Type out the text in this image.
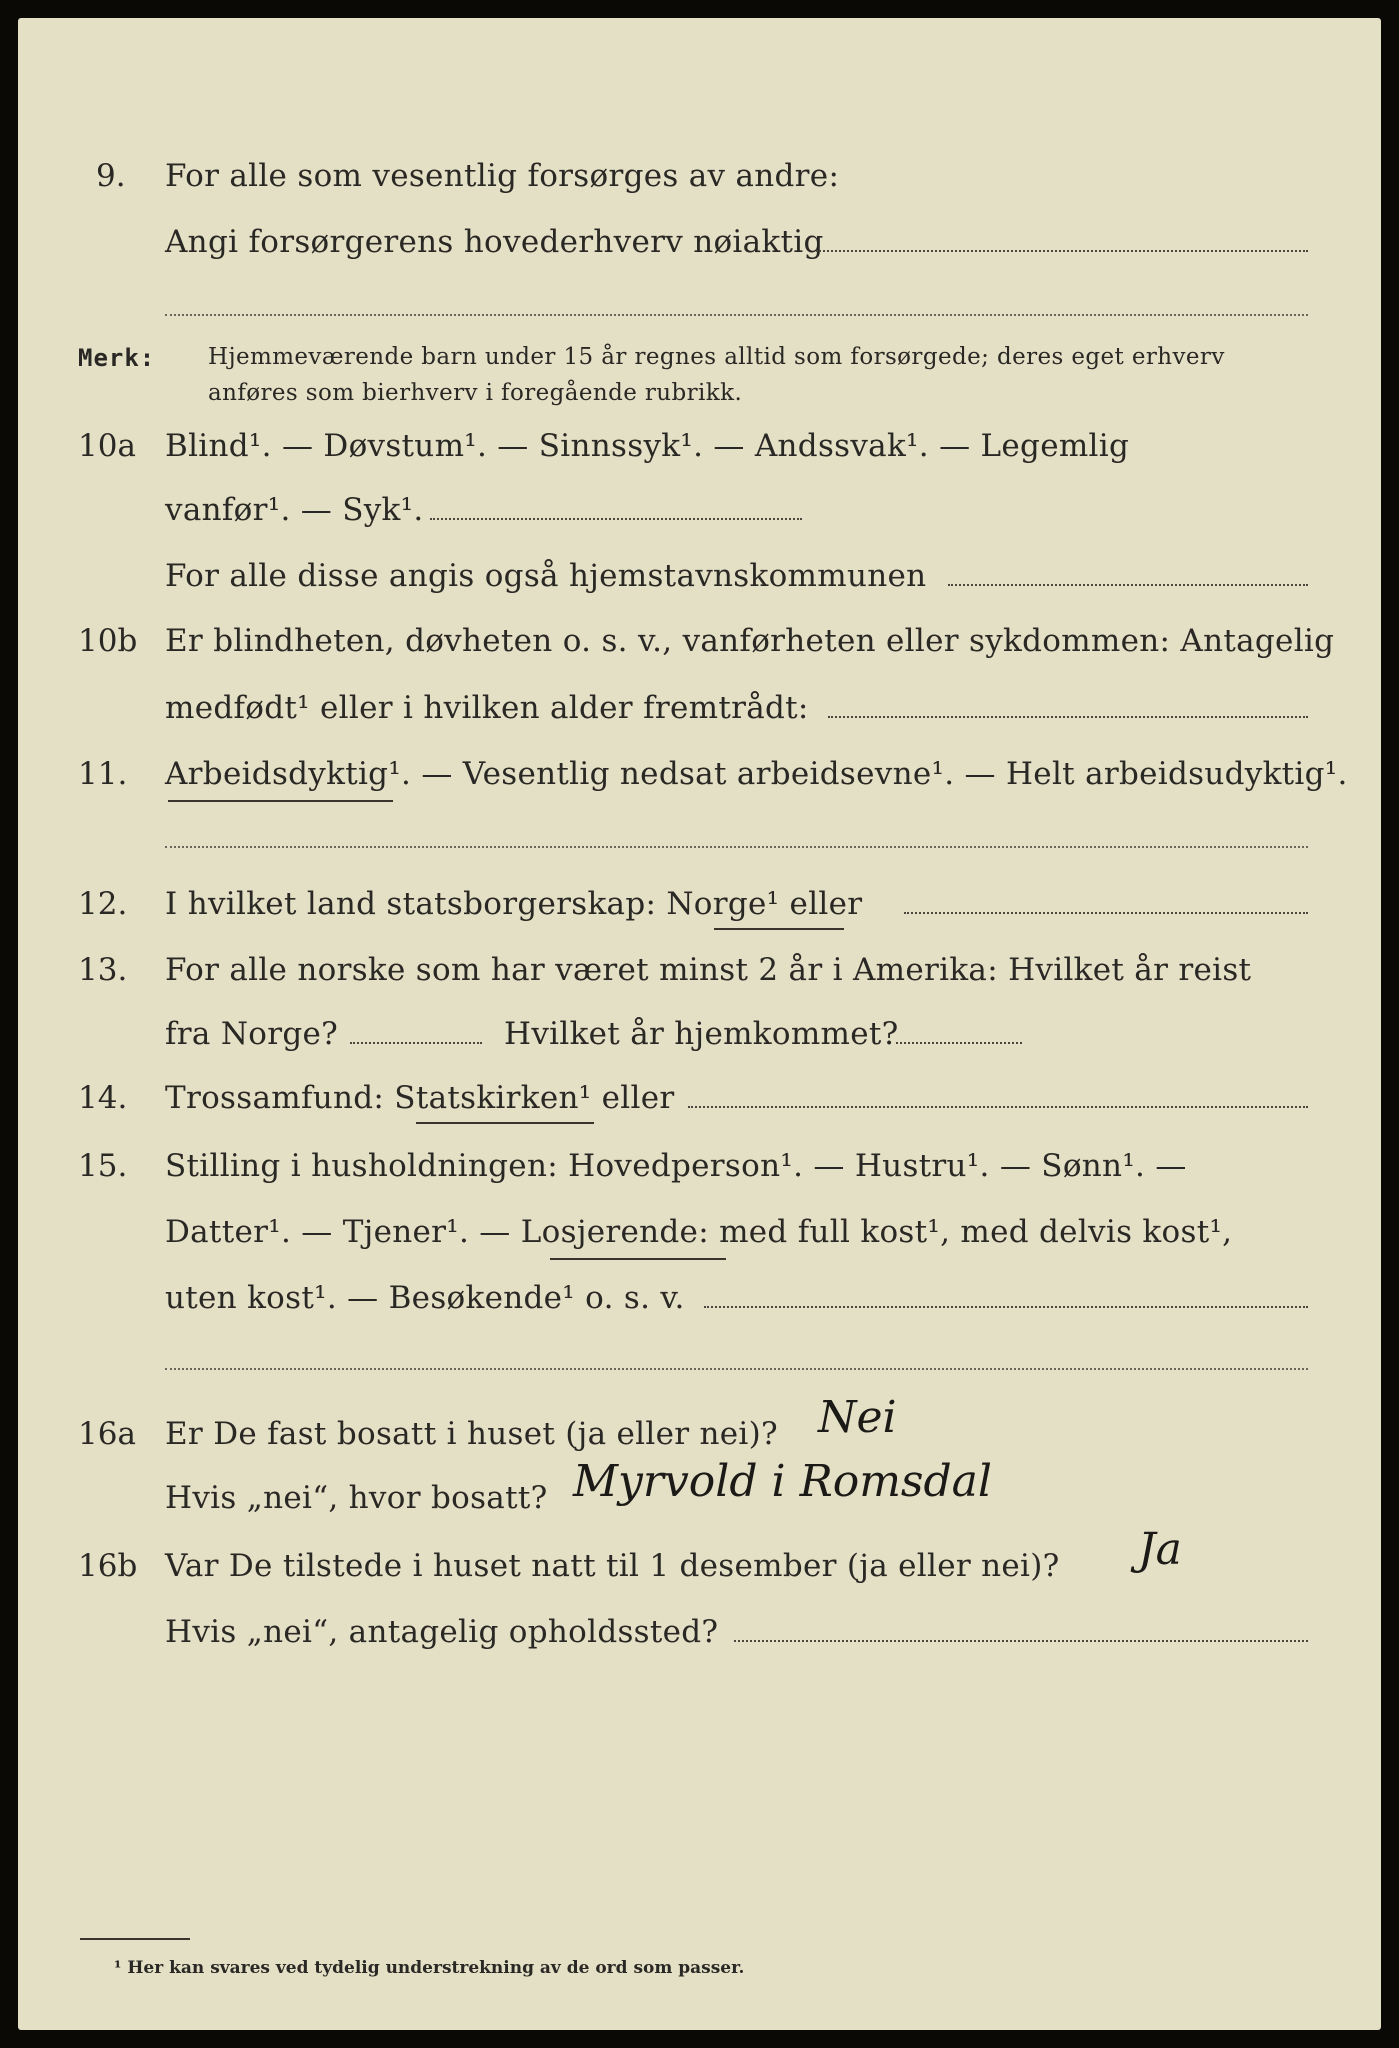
9. For alle som vesentlig forsørges av andre:
Angi forsørgerens hovederhverv nøiaktig
Merk: Hjemmeværende barn under 15 år regnes alltid som forsørgede; deres eget erhverv
anføres som bierhverv i foregående rubrikk.
10a Blind¹. — Døvstum¹. — Sinnssyk¹. — Andssvak¹. — Legemlig
vanfør¹. — Syk¹.
For alle disse angis også hjemstavnskommunen
10b Er blindheten, døvheten o. s. v., vanførheten eller sykdommen: Antagelig
medfødt¹ eller i hvilken alder fremtrådt:
11. Arbeidsdyktig¹. — Vesentlig nedsat arbeidsevne¹. — Helt arbeidsudyktig¹.
12. I hvilket land statsborgerskap: Norge¹ eller
13. For alle norske som har været minst 2 år i Amerika: Hvilket år reist
fra Norge?	Hvilket år hjemkommet?
14. Trossamfund: Statskirken¹ eller
15. Stilling i husholdningen: Hovedperson¹. — Hustru¹. — Sønn¹. —
Datter¹. — Tjener¹. — Losjerende: med full kost¹, med delvis kost¹,
uten kost¹. — Besøkende¹ o. s. v.
16a Er De fast bosatt i huset (ja eller nei)? Nei
Hvis „nei“, hvor bosatt? Myrvold i Romsdal
16b Var De tilstede i huset natt til 1 desember (ja eller nei)? Ja
Hvis „nei“, antagelig opholdssted?
¹ Her kan svares ved tydelig understrekning av de ord som passer.
